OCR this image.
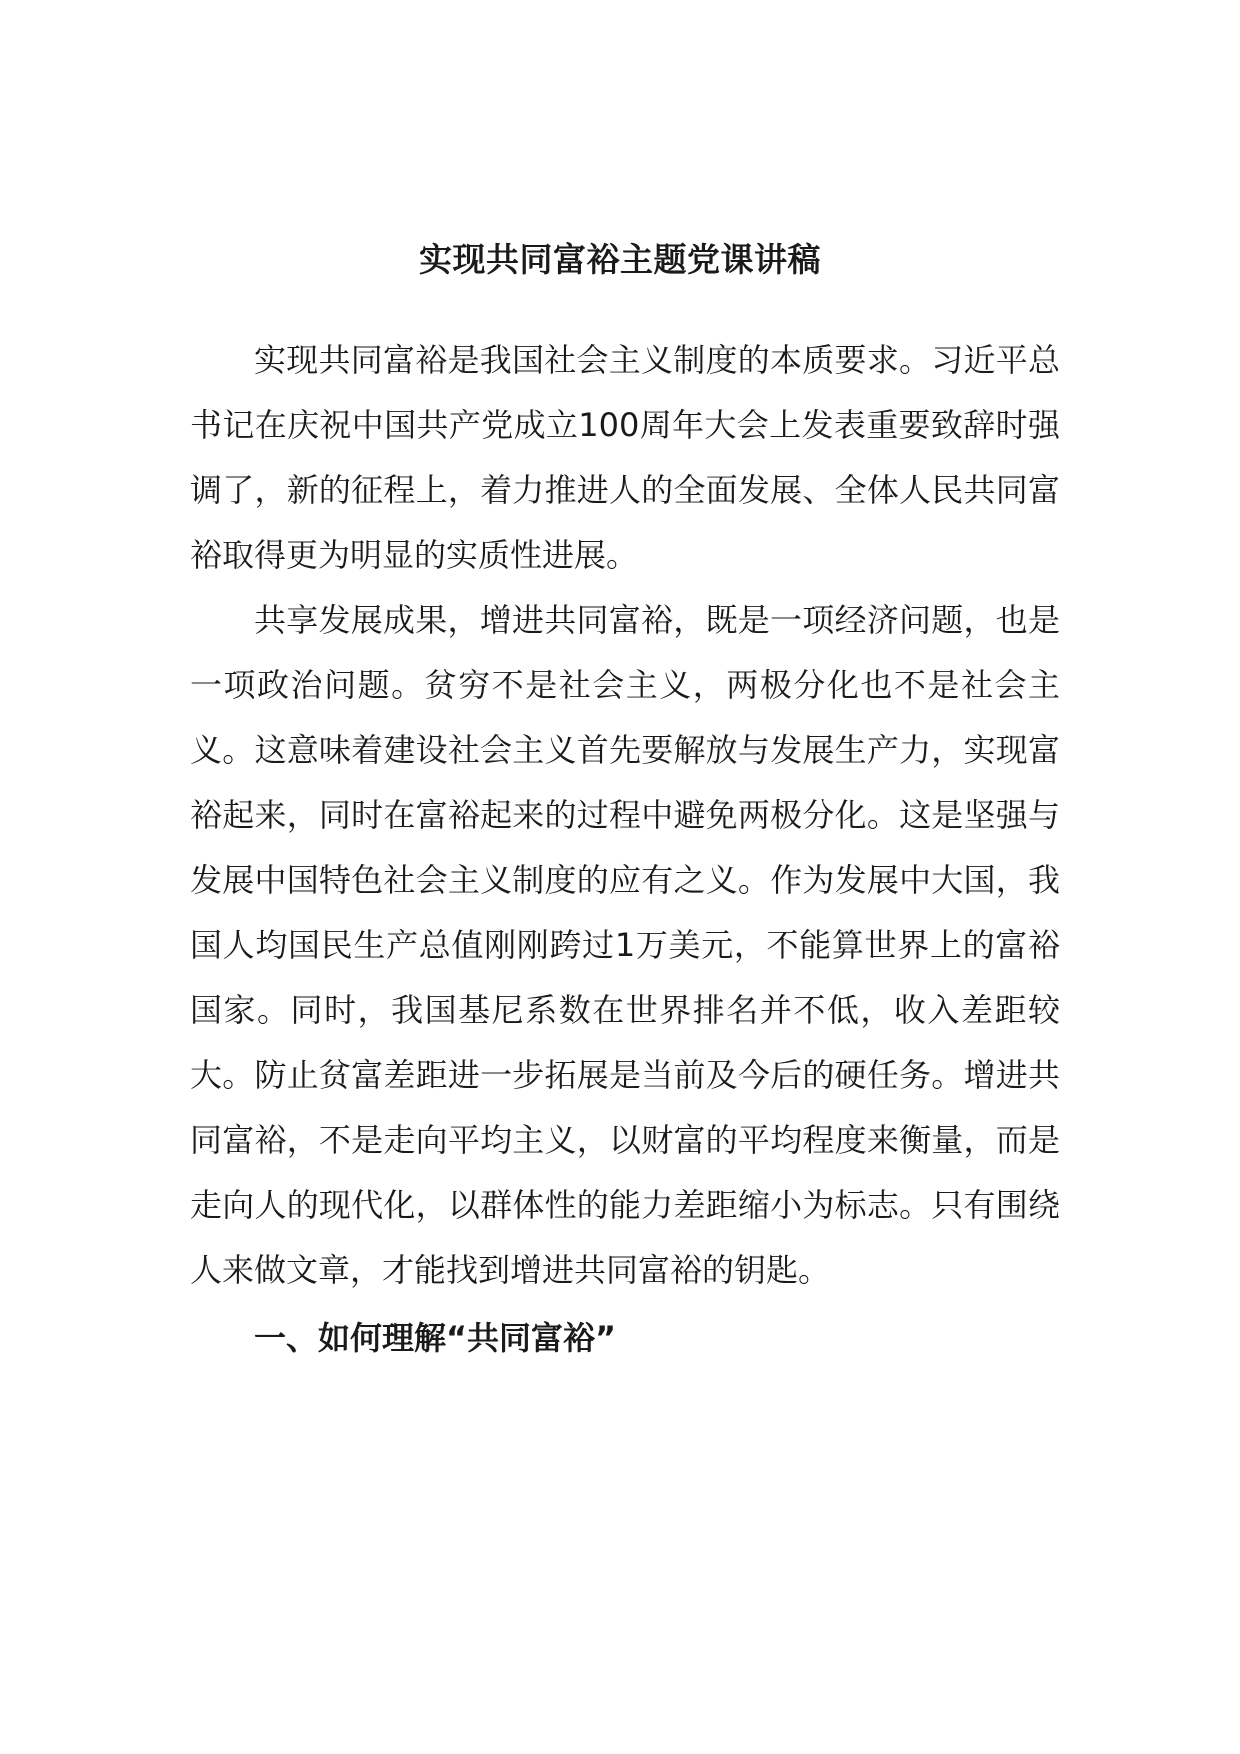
实现共同富裕主题党课讲稿

实现共同富裕是我国社会主义制度的本质要求。习近平总书记在庆祝中国共产党成立100周年大会上发表重要致辞时强调了，新的征程上，着力推进人的全面发展、全体人民共同富裕取得更为明显的实质性进展。

共享发展成果，增进共同富裕，既是一项经济问题，也是一项政治问题。贫穷不是社会主义，两极分化也不是社会主义。这意味着建设社会主义首先要解放与发展生产力，实现富裕起来，同时在富裕起来的过程中避免两极分化。这是坚强与发展中国特色社会主义制度的应有之义。作为发展中大国，我国人均国民生产总值刚刚跨过1万美元，不能算世界上的富裕国家。同时，我国基尼系数在世界排名并不低，收入差距较大。防止贫富差距进一步拓展是当前及今后的硬任务。增进共同富裕，不是走向平均主义，以财富的平均程度来衡量，而是走向人的现代化，以群体性的能力差距缩小为标志。只有围绕人来做文章，才能找到增进共同富裕的钥匙。

一、如何理解“共同富裕”
